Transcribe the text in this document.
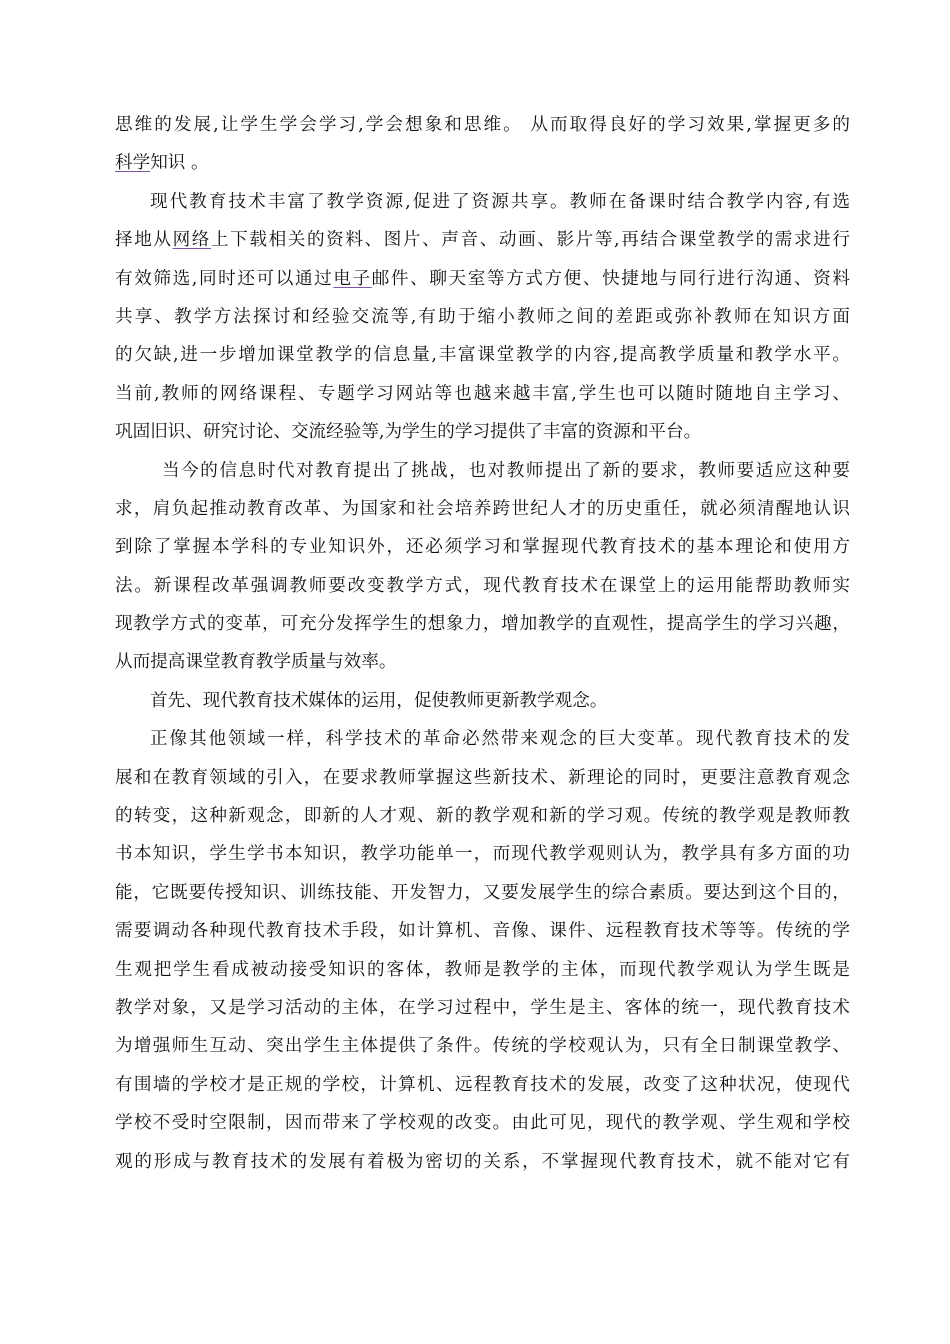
思维的发展,让学生学会学习,学会想象和思维。 从而取得良好的学习效果,掌握更多的
科学知识 。
现代教育技术丰富了教学资源,促进了资源共享。教师在备课时结合教学内容,有选
择地从网络上下载相关的资料、图片、声音、动画、影片等,再结合课堂教学的需求进行
有效筛选,同时还可以通过电子邮件、聊天室等方式方便、快捷地与同行进行沟通、资料
共享、教学方法探讨和经验交流等,有助于缩小教师之间的差距或弥补教师在知识方面
的欠缺,进一步增加课堂教学的信息量,丰富课堂教学的内容,提高教学质量和教学水平。
当前,教师的网络课程、专题学习网站等也越来越丰富,学生也可以随时随地自主学习、
巩固旧识、研究讨论、交流经验等,为学生的学习提供了丰富的资源和平台。
当今的信息时代对教育提出了挑战，也对教师提出了新的要求，教师要适应这种要
求，肩负起推动教育改革、为国家和社会培养跨世纪人才的历史重任，就必须清醒地认识
到除了掌握本学科的专业知识外，还必须学习和掌握现代教育技术的基本理论和使用方
法。新课程改革强调教师要改变教学方式，现代教育技术在课堂上的运用能帮助教师实
现教学方式的变革，可充分发挥学生的想象力，增加教学的直观性，提高学生的学习兴趣，
从而提高课堂教育教学质量与效率。
首先、现代教育技术媒体的运用，促使教师更新教学观念。
正像其他领域一样，科学技术的革命必然带来观念的巨大变革。现代教育技术的发
展和在教育领域的引入，在要求教师掌握这些新技术、新理论的同时，更要注意教育观念
的转变，这种新观念，即新的人才观、新的教学观和新的学习观。传统的教学观是教师教
书本知识，学生学书本知识，教学功能单一，而现代教学观则认为，教学具有多方面的功
能，它既要传授知识、训练技能、开发智力，又要发展学生的综合素质。要达到这个目的，
需要调动各种现代教育技术手段，如计算机、音像、课件、远程教育技术等等。传统的学
生观把学生看成被动接受知识的客体，教师是教学的主体，而现代教学观认为学生既是
教学对象，又是学习活动的主体，在学习过程中，学生是主、客体的统一，现代教育技术
为增强师生互动、突出学生主体提供了条件。传统的学校观认为，只有全日制课堂教学、
有围墙的学校才是正规的学校，计算机、远程教育技术的发展，改变了这种状况，使现代
学校不受时空限制，因而带来了学校观的改变。由此可见，现代的教学观、学生观和学校
观的形成与教育技术的发展有着极为密切的关系，不掌握现代教育技术，就不能对它有
